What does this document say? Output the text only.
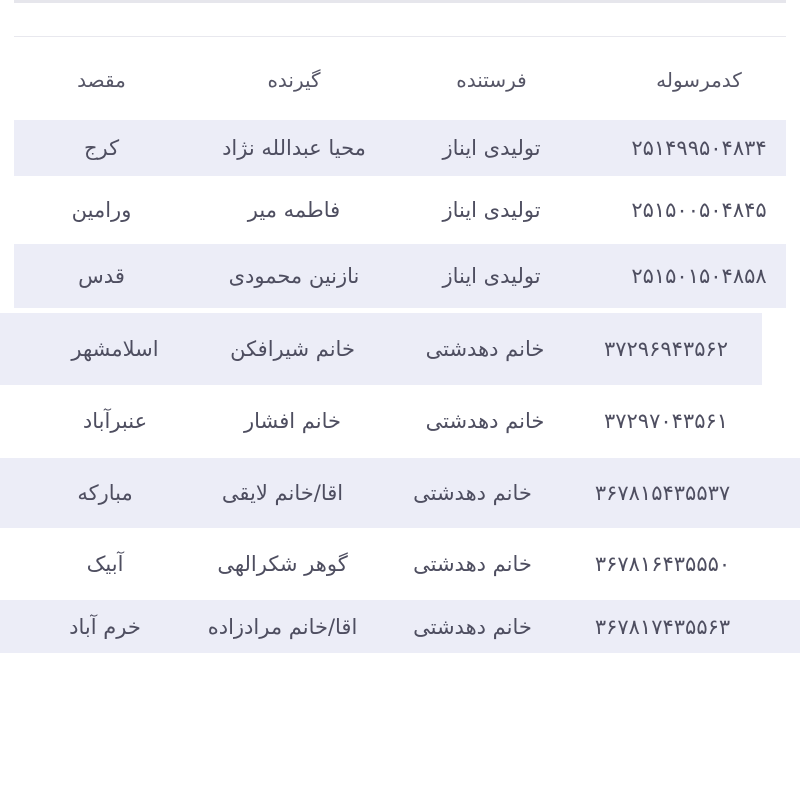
کدمرسوله
فرستنده
گیرنده
مقصد
۲۵۱۴۹۹۵۰۴۸۳۴
تولیدی ایناز
محیا عبدالله نژاد
کرج
۲۵۱۵۰۰۵۰۴۸۴۵
تولیدی ایناز
فاطمه میر
ورامین
۲۵۱۵۰۱۵۰۴۸۵۸
تولیدی ایناز
نازنین محمودی
قدس
۳۷۲۹۶۹۴۳۵۶۲
خانم دهدشتی
خانم شیرافکن
اسلامشهر
۳۷۲۹۷۰۴۳۵۶۱
خانم دهدشتی
خانم افشار
عنبرآباد
۳۶۷۸۱۵۴۳۵۵۳۷
خانم دهدشتی
اقا/خانم لایقی
مبارکه
۳۶۷۸۱۶۴۳۵۵۵۰
خانم دهدشتی
گوهر شکرالهی
آبیک
۳۶۷۸۱۷۴۳۵۵۶۳
خانم دهدشتی
اقا/خانم مرادزاده
خرم آباد
